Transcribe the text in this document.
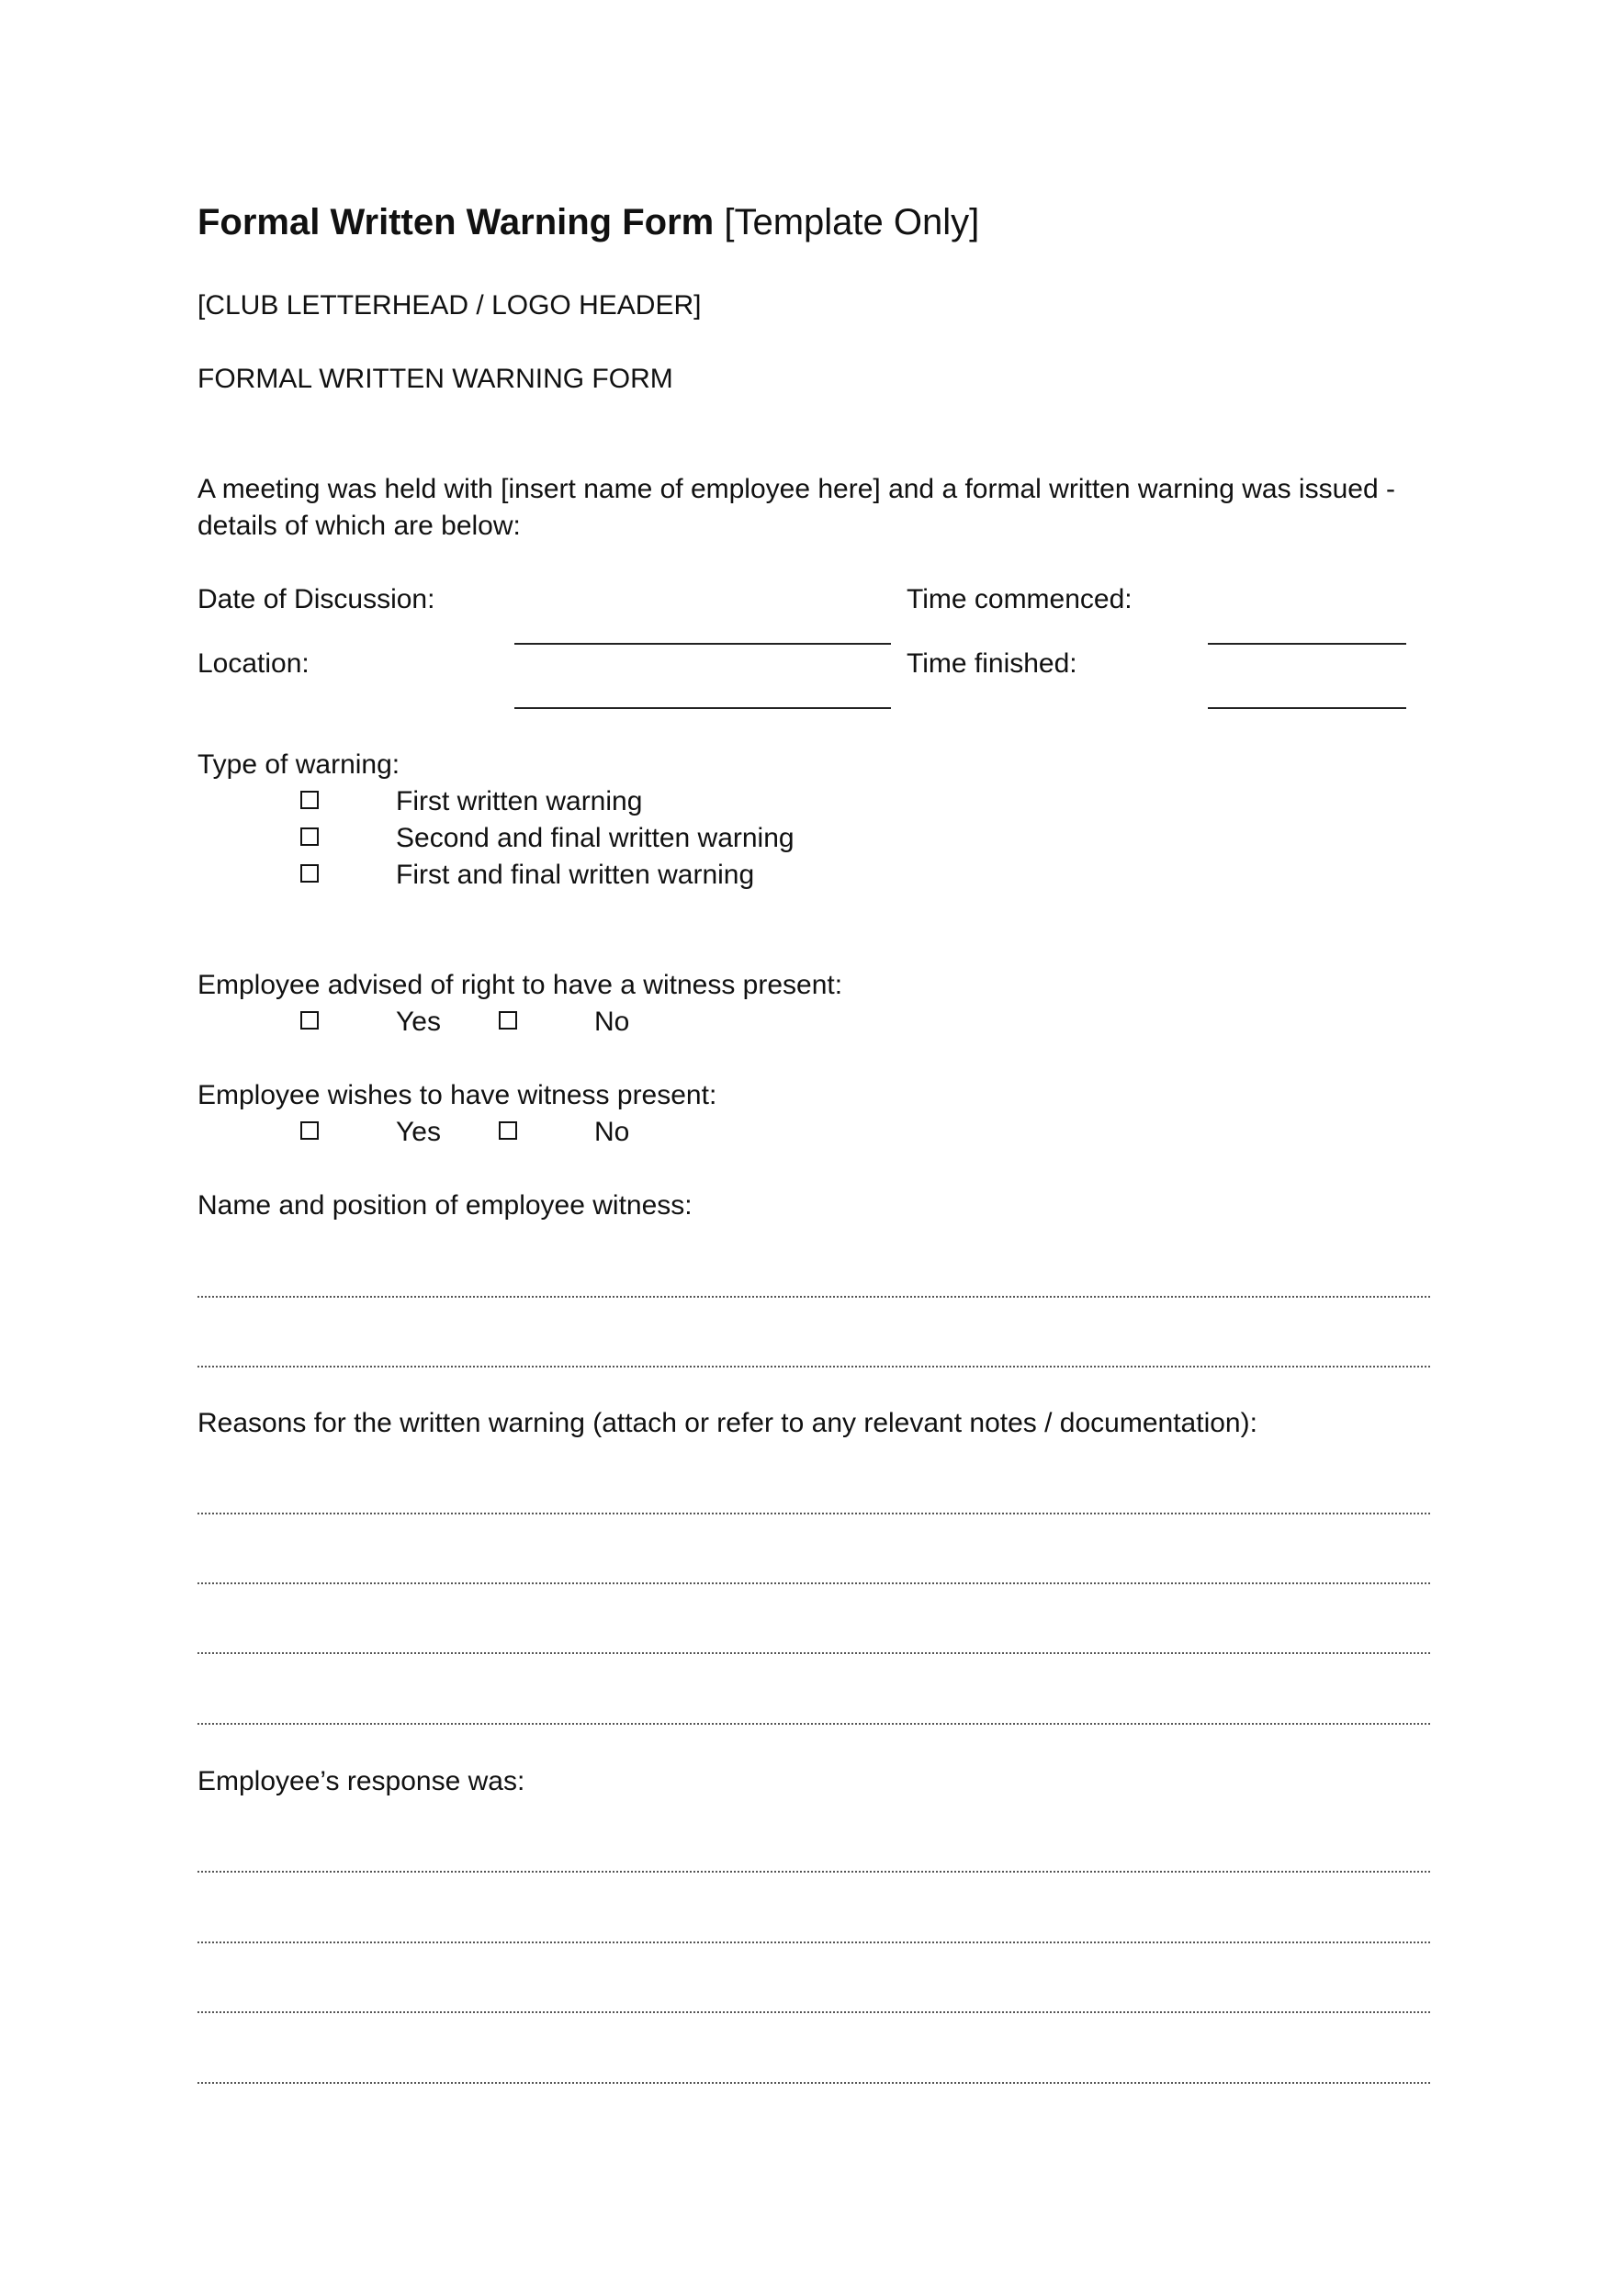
Formal Written Warning Form [Template Only]
[CLUB LETTERHEAD / LOGO HEADER]
FORMAL WRITTEN WARNING FORM
A meeting was held with [insert name of employee here] and a formal written warning was issued -
details of which are below:
Date of Discussion:	Time commenced:
Location:	Time finished:
Type of warning:
First written warning
Second and final written warning
First and final written warning
Employee advised of right to have a witness present:
Yes	No
Employee wishes to have witness present:
Yes	No
Name and position of employee witness:
Reasons for the written warning (attach or refer to any relevant notes / documentation):
Employee’s response was:
